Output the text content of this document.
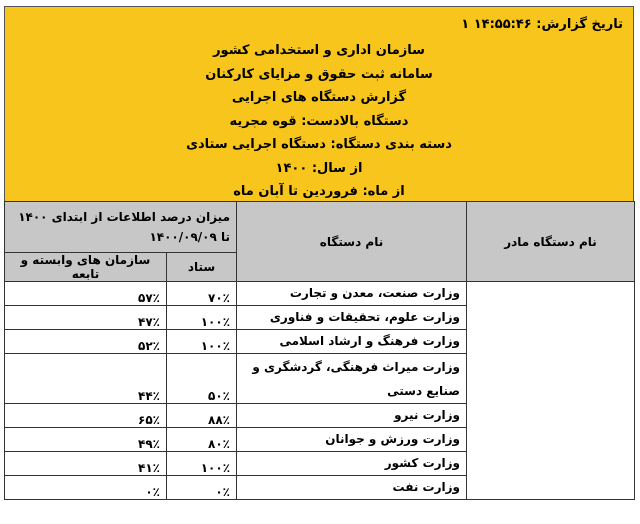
تاریخ گزارش: ۱۴:۵۵:۴۶ ۱
سازمان اداری و استخدامی کشور
سامانه ثبت حقوق و مزایای کارکنان
گزارش دستگاه های اجرایی
دستگاه بالادست: قوه مجریه
دسته بندی دستگاه: دستگاه اجرایی ستادی
از سال: ۱۴۰۰
از ماه: فروردین تا آبان ماه
نام دستگاه مادر	نام دستگاه	میزان درصد اطلاعات از ابتدای ۱۴۰۰ تا ۱۴۰۰/۰۹/۰۹	
		ستاد	سازمان های وابسته و تابعه
	وزارت صنعت، معدن و تجارت	۷۰٪	۵۷٪
	وزارت علوم، تحقیقات و فناوری	۱۰۰٪	۴۷٪
	وزارت فرهنگ و ارشاد اسلامی	۱۰۰٪	۵۲٪
	وزارت میراث فرهنگی، گردشگری و صنایع دستی	۵۰٪	۴۴٪
	وزارت نیرو	۸۸٪	۶۵٪
	وزارت ورزش و جوانان	۸۰٪	۴۹٪
	وزارت کشور	۱۰۰٪	۴۱٪
	وزارت نفت	۰٪	۰٪
